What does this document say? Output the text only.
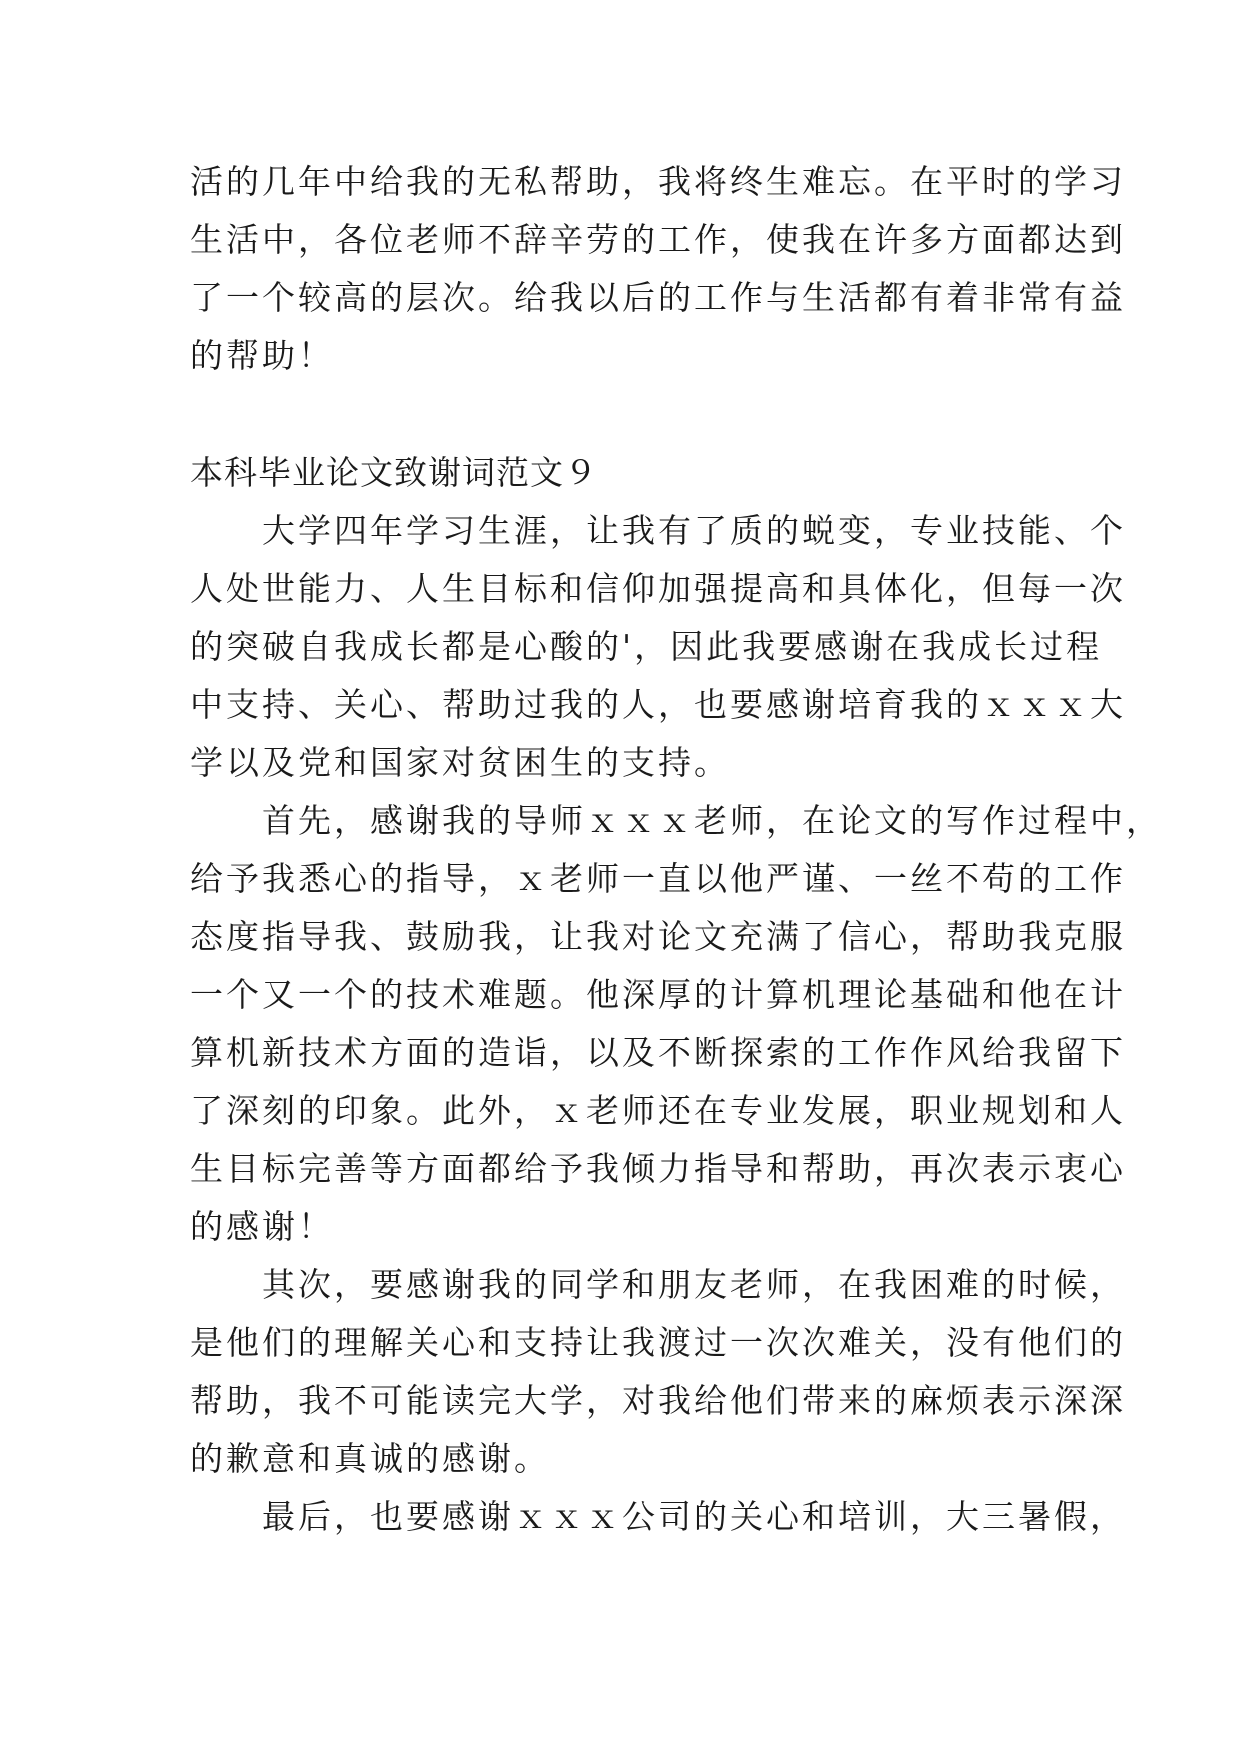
活的几年中给我的无私帮助，我将终生难忘。在平时的学习
生活中，各位老师不辞辛劳的工作，使我在许多方面都达到
了一个较高的层次。给我以后的工作与生活都有着非常有益
的帮助！
本科毕业论文致谢词范文９
　　大学四年学习生涯，让我有了质的蜕变，专业技能、个
人处世能力、人生目标和信仰加强提高和具体化，但每一次
的突破自我成长都是心酸的'，因此我要感谢在我成长过程
中支持、关心、帮助过我的人，也要感谢培育我的ｘｘｘ大
学以及党和国家对贫困生的支持。
　　首先，感谢我的导师ｘｘｘ老师，在论文的写作过程中，
给予我悉心的指导，ｘ老师一直以他严谨、一丝不苟的工作
态度指导我、鼓励我，让我对论文充满了信心，帮助我克服
一个又一个的技术难题。他深厚的计算机理论基础和他在计
算机新技术方面的造诣，以及不断探索的工作作风给我留下
了深刻的印象。此外，ｘ老师还在专业发展，职业规划和人
生目标完善等方面都给予我倾力指导和帮助，再次表示衷心
的感谢！
　　其次，要感谢我的同学和朋友老师，在我困难的时候，
是他们的理解关心和支持让我渡过一次次难关，没有他们的
帮助，我不可能读完大学，对我给他们带来的麻烦表示深深
的歉意和真诚的感谢。
　　最后，也要感谢ｘｘｘ公司的关心和培训，大三暑假，
